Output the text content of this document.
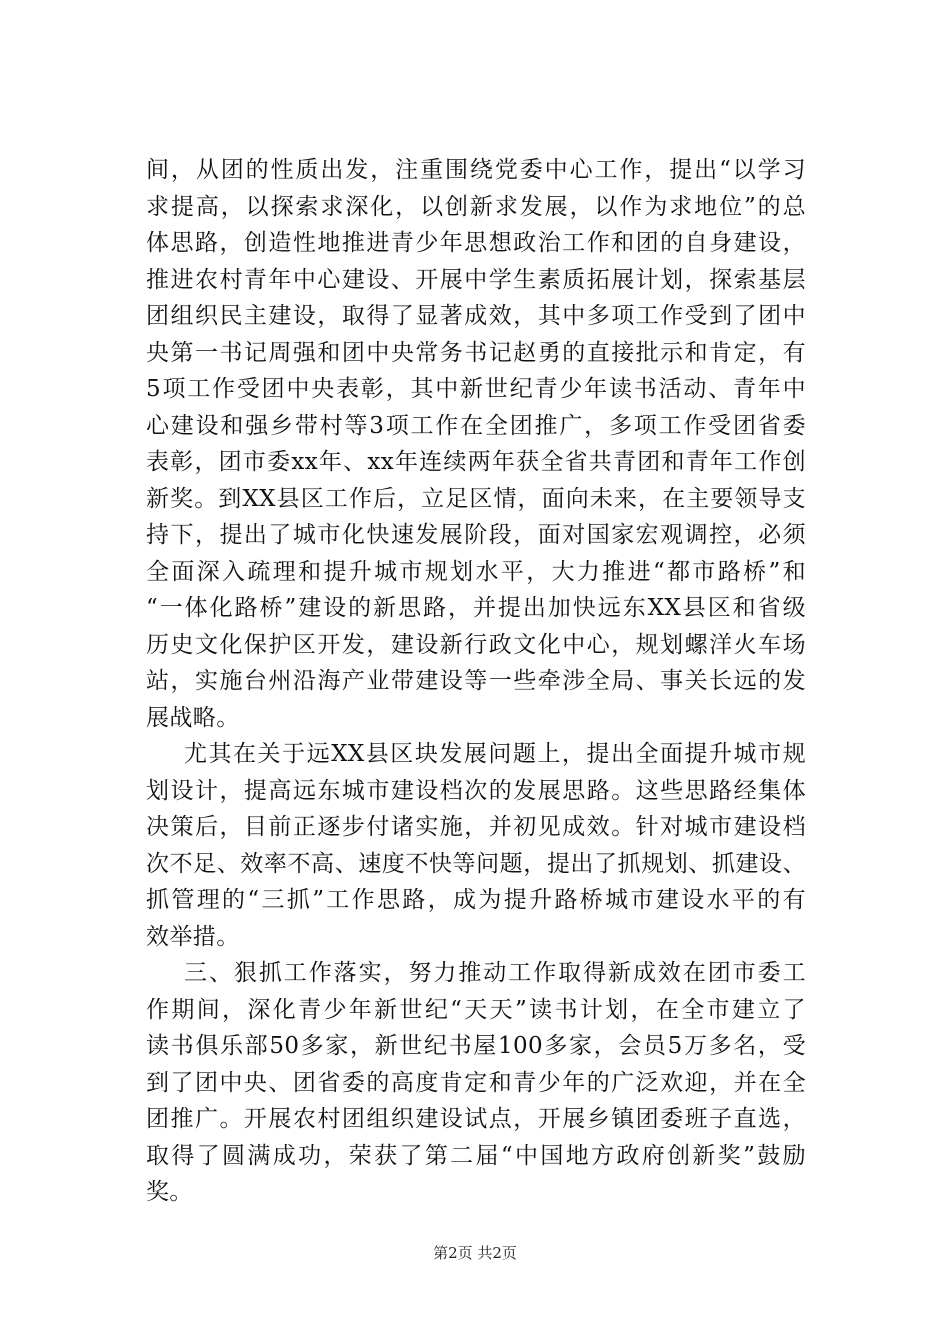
间，从团的性质出发，注重围绕党委中心工作，提出“以学习
求提高，以探索求深化，以创新求发展，以作为求地位”的总
体思路，创造性地推进青少年思想政治工作和团的自身建设，
推进农村青年中心建设、开展中学生素质拓展计划，探索基层
团组织民主建设，取得了显著成效，其中多项工作受到了团中
央第一书记周强和团中央常务书记赵勇的直接批示和肯定，有
5项工作受团中央表彰，其中新世纪青少年读书活动、青年中
心建设和强乡带村等3项工作在全团推广，多项工作受团省委
表彰，团市委xx年、xx年连续两年获全省共青团和青年工作创
新奖。到XX县区工作后，立足区情，面向未来，在主要领导支
持下，提出了城市化快速发展阶段，面对国家宏观调控，必须
全面深入疏理和提升城市规划水平，大力推进“都市路桥”和
“一体化路桥”建设的新思路，并提出加快远东XX县区和省级
历史文化保护区开发，建设新行政文化中心，规划螺洋火车场
站，实施台州沿海产业带建设等一些牵涉全局、事关长远的发
展战略。
尤其在关于远XX县区块发展问题上，提出全面提升城市规
划设计，提高远东城市建设档次的发展思路。这些思路经集体
决策后，目前正逐步付诸实施，并初见成效。针对城市建设档
次不足、效率不高、速度不快等问题，提出了抓规划、抓建设、
抓管理的“三抓”工作思路，成为提升路桥城市建设水平的有
效举措。
三、狠抓工作落实，努力推动工作取得新成效在团市委工
作期间，深化青少年新世纪“天天”读书计划，在全市建立了
读书俱乐部50多家，新世纪书屋100多家，会员5万多名，受
到了团中央、团省委的高度肯定和青少年的广泛欢迎，并在全
团推广。开展农村团组织建设试点，开展乡镇团委班子直选，
取得了圆满成功，荣获了第二届“中国地方政府创新奖”鼓励
奖。
第2页 共2页
